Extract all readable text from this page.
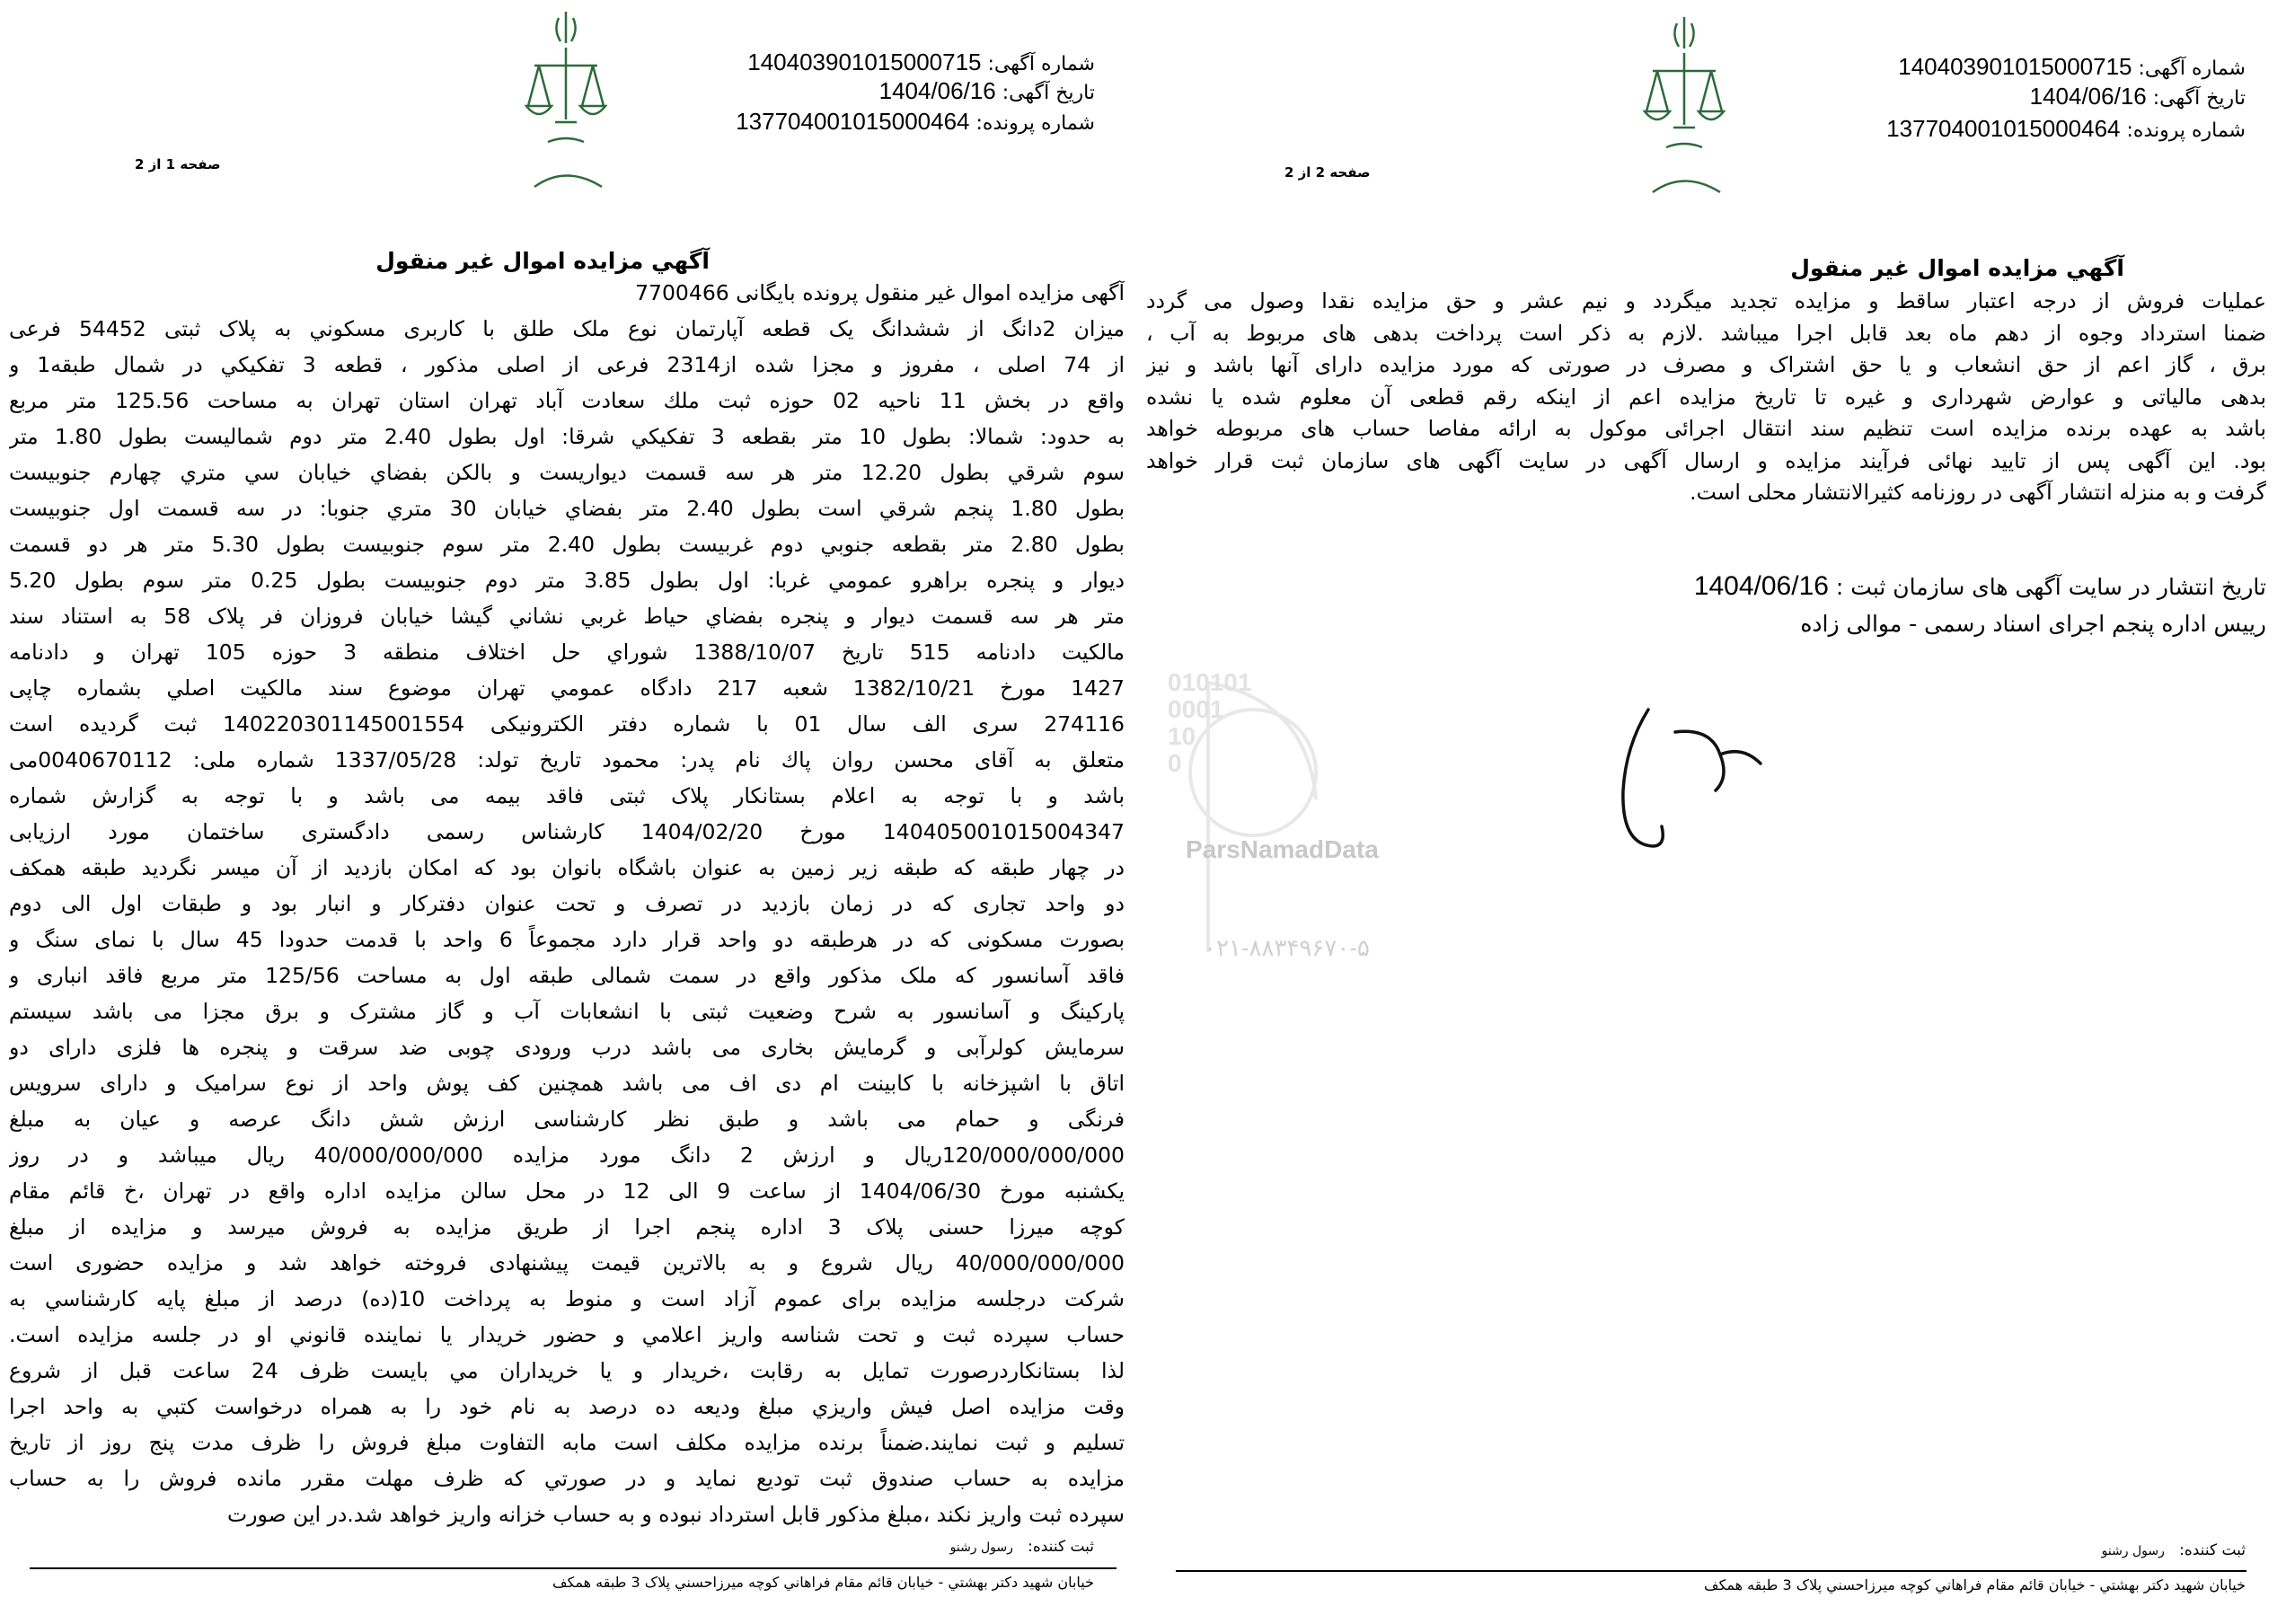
شماره آگهی: 140403901015000715
تاریخ آگهی: 1404/06/16
شماره پرونده: 137704001015000464
صفحه 1 از 2
آگهي مزايده اموال غير منقول
آگهی مزایده اموال غیر منقول پرونده بایگانی 7700466
میزان 2دانگ از ششدانگ یک قطعه آپارتمان نوع ملک طلق با کاربری مسکوني به پلاک ثبتی 54452 فرعی
از 74 اصلی ، مفروز و مجزا شده از2314 فرعی از اصلی مذکور ، قطعه 3 تفکیکي در شمال طبقه1 و
واقع در بخش 11 ناحیه 02 حوزه ثبت ملك سعادت آباد تهران استان تهران به مساحت 125.56 متر مربع
به حدود: شمالا: بطول 10 متر بقطعه 3 تفكيكي شرقا: اول بطول 2.40 متر دوم شماليست بطول 1.80 متر
سوم شرقي بطول 12.20 متر هر سه قسمت ديواريست و بالكن بفضاي خيابان سي متري چهارم جنوبيست
بطول 1.80 پنجم شرقي است بطول 2.40 متر بفضاي خيابان 30 متري جنوبا: در سه قسمت اول جنوبيست
بطول 2.80 متر بقطعه جنوبي دوم غربيست بطول 2.40 متر سوم جنوبيست بطول 5.30 متر هر دو قسمت
ديوار و پنجره براهرو عمومي غربا: اول بطول 3.85 متر دوم جنوبيست بطول 0.25 متر سوم بطول 5.20
متر هر سه قسمت ديوار و پنجره بفضاي حياط غربي نشاني گيشا خيابان فروزان فر پلاک 58 به استناد سند
مالکیت دادنامه 515 تاریخ 1388/10/07 شوراي حل اختلاف منطقه 3 حوزه 105 تهران و دادنامه
1427 مورخ 1382/10/21 شعبه 217 دادگاه عمومي تهران موضوع سند مالكيت اصلي بشماره چاپی
274116 سری الف سال 01 با شماره دفتر الکترونیکی 140220301145001554 ثبت گردیده است
متعلق به آقای محسن روان پاك نام پدر: محمود تاریخ تولد: 1337/05/28 شماره ملی: 0040670112می
باشد و با توجه به اعلام بستانکار پلاک ثبتی فاقد بیمه می باشد و با توجه به گزارش شماره
140405001015004347 مورخ 1404/02/20 کارشناس رسمی دادگستری ساختمان مورد ارزیابی
در چهار طبقه که طبقه زیر زمین به عنوان باشگاه بانوان بود که امکان بازدید از آن میسر نگردید طبقه همکف
دو واحد تجاری که در زمان بازدید در تصرف و تحت عنوان دفترکار و انبار بود و طبقات اول الی دوم
بصورت مسکونی که در هرطبقه دو واحد قرار دارد مجموعاً 6 واحد با قدمت حدودا 45 سال با نمای سنگ و
فاقد آسانسور که ملک مذکور واقع در سمت شمالی طبقه اول به مساحت 125/56 متر مربع فاقد انباری و
پارکینگ و آسانسور به شرح وضعیت ثبتی با انشعابات آب و گاز مشترک و برق مجزا می باشد سیستم
سرمایش کولرآبی و گرمایش بخاری می باشد درب ورودی چوبی ضد سرقت و پنجره ها فلزی دارای دو
اتاق با اشپزخانه با کابینت ام دی اف می باشد همچنین کف پوش واحد از نوع سرامیک و دارای سرویس
فرنگی و حمام می باشد و طبق نظر کارشناسی ارزش شش دانگ عرصه و عیان به مبلغ
120/000/000/000ریال و ارزش 2 دانگ مورد مزایده 40/000/000/000 ریال میباشد و در روز
یکشنبه مورخ 1404/06/30 از ساعت 9 الی 12 در محل سالن مزایده اداره واقع در تهران ،خ قائم مقام
کوچه میرزا حسنی پلاک 3 اداره پنجم اجرا از طریق مزایده به فروش میرسد و مزایده از مبلغ
40/000/000/000 ریال شروع و به بالاترین قیمت پیشنهادی فروخته خواهد شد و مزایده حضوری است
شرکت درجلسه مزایده برای عموم آزاد است و منوط به پرداخت 10(ده) درصد از مبلغ پایه کارشناسي به
حساب سپرده ثبت و تحت شناسه واريز اعلامي و حضور خريدار يا نماينده قانوني او در جلسه مزايده است.
لذا بستانکاردرصورت تمایل به رقابت ،خریدار و یا خریداران مي بایست ظرف 24 ساعت قبل از شروع
وقت مزایده اصل فیش واریزي مبلغ ودیعه ده درصد به نام خود را به همراه درخواست کتبي به واحد اجرا
تسلیم و ثبت نمایند.ضمناً برنده مزایده مکلف است مابه التفاوت مبلغ فروش را ظرف مدت پنج روز از تاریخ
مزایده به حساب صندوق ثبت تودیع نماید و در صورتي که ظرف مهلت مقرر مانده فروش را به حساب
سپرده ثبت واریز نکند ،مبلغ مذکور قابل استرداد نبوده و به حساب خزانه واریز خواهد شد.در این صورت
ثبت کننده:   رسول رشنو
خيابان شهيد دكتر بهشتي - خيابان قائم مقام فراهاني كوچه ميرزاحسني پلاک 3 طبقه همكف
010101
0001
10
0
ParsNamadData
۰۲۱-۸۸۳۴۹۶۷۰-۵
شماره آگهی: 140403901015000715
تاریخ آگهی: 1404/06/16
شماره پرونده: 137704001015000464
صفحه 2 از 2
آگهي مزايده اموال غير منقول
عملیات فروش از درجه اعتبار ساقط و مزایده تجدید میگردد و نیم عشر و حق مزایده نقدا وصول می گردد
ضمنا استرداد وجوه از دهم ماه بعد قابل اجرا میباشد .لازم به ذکر است پرداخت بدهی های مربوط به آب ،
برق ، گاز اعم از حق انشعاب و یا حق اشتراک و مصرف در صورتی که مورد مزایده دارای آنها باشد و نیز
بدهی مالیاتی و عوارض شهرداری و غیره تا تاریخ مزایده اعم از اینکه رقم قطعی آن معلوم شده یا نشده
باشد به عهده برنده مزایده است تنظیم سند انتقال اجرائی موکول به ارائه مفاصا حساب های مربوطه خواهد
بود. این آگهی پس از تایید نهائی فرآیند مزایده و ارسال آگهی در سایت آگهی های سازمان ثبت قرار خواهد
گرفت و به منزله انتشار آگهی در روزنامه کثیرالانتشار محلی است.
تاریخ انتشار در سایت آگهی های سازمان ثبت : 1404/06/16
رییس اداره پنجم اجرای اسناد رسمی - موالی زاده
ثبت کننده:   رسول رشنو
خيابان شهيد دكتر بهشتي - خيابان قائم مقام فراهاني كوچه ميرزاحسني پلاک 3 طبقه همكف
